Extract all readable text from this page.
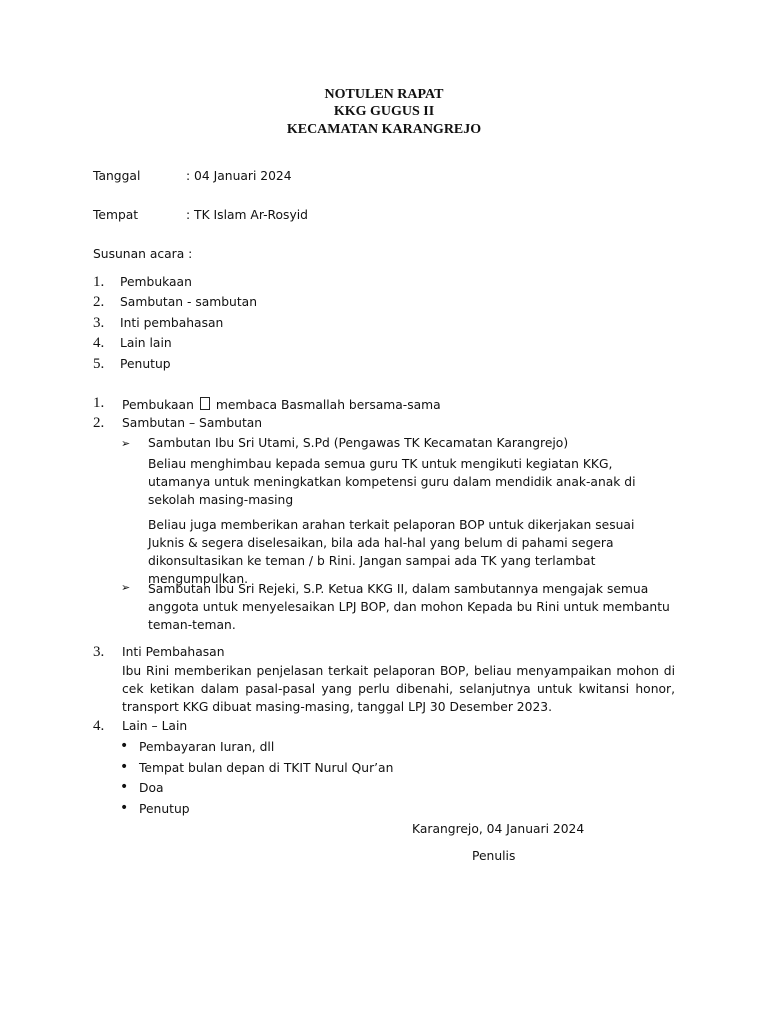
NOTULEN RAPAT
KKG GUGUS II
KECAMATAN KARANGREJO
Tanggal	: 04 Januari 2024
Tempat	: TK Islam Ar-Rosyid
Susunan acara :
1. Pembukaan
2. Sambutan - sambutan
3. Inti pembahasan
4. Lain lain
5. Penutup
1. Pembukaan membaca Basmallah bersama-sama
2. Sambutan – Sambutan
➢ Sambutan Ibu Sri Utami, S.Pd (Pengawas TK Kecamatan Karangrejo)
Beliau menghimbau kepada semua guru TK untuk mengikuti kegiatan KKG, utamanya untuk meningkatkan kompetensi guru dalam mendidik anak-anak di sekolah masing-masing
Beliau juga memberikan arahan terkait pelaporan BOP untuk dikerjakan sesuai Juknis & segera diselesaikan, bila ada hal-hal yang belum di pahami segera dikonsultasikan ke teman / b Rini. Jangan sampai ada TK yang terlambat mengumpulkan.
➢ Sambutan Ibu Sri Rejeki, S.P. Ketua KKG II, dalam sambutannya mengajak semua anggota untuk menyelesaikan LPJ BOP, dan mohon Kepada bu Rini untuk membantu teman-teman.
3. Inti Pembahasan
Ibu Rini memberikan penjelasan terkait pelaporan BOP, beliau menyampaikan mohon di cek ketikan dalam pasal-pasal yang perlu dibenahi, selanjutnya untuk kwitansi honor, transport KKG dibuat masing-masing, tanggal LPJ 30 Desember 2023.
4. Lain – Lain
• Pembayaran Iuran, dll
• Tempat bulan depan di TKIT Nurul Qur’an
• Doa
• Penutup
Karangrejo, 04 Januari 2024
Penulis
